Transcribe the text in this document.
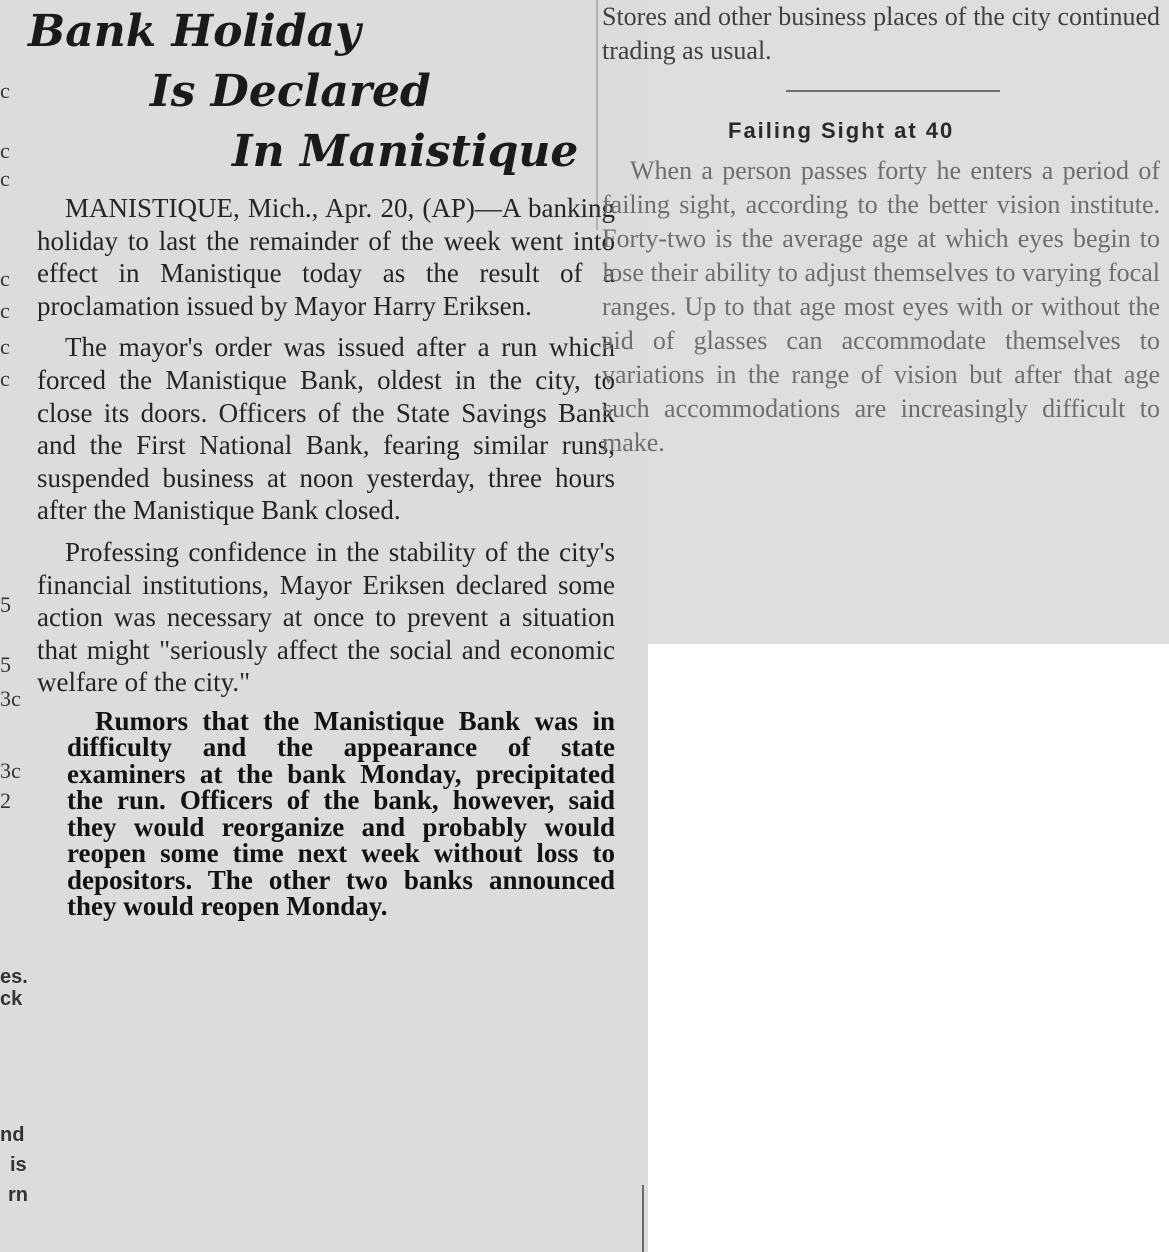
c
c
c
c
c
c
c
5
5
3c
3c
2
es.
ck
nd
is
rn
Bank Holiday
Is Declared
In Manistique

MANISTIQUE, Mich., Apr. 20, (AP)—A banking holiday to last the remainder of the week went into effect in Manistique today as the result of a proclamation issued by Mayor Harry Eriksen.

The mayor's order was issued after a run which forced the Manistique Bank, oldest in the city, to close its doors. Officers of the State Savings Bank and the First National Bank, fearing similar runs, suspended business at noon yesterday, three hours after the Manistique Bank closed.

Professing confidence in the stability of the city's financial institutions, Mayor Eriksen declared some action was necessary at once to prevent a situation that might "seriously affect the social and economic welfare of the city."

Rumors that the Manistique Bank was in difficulty and the appearance of state examiners at the bank Monday, precipitated the run. Officers of the bank, however, said they would reorganize and probably would reopen some time next week without loss to depositors. The other two banks announced they would reopen Monday.

Stores and other business places of the city continued trading as usual.

Failing Sight at 40

When a person passes forty he enters a period of failing sight, according to the better vision institute. Forty-two is the average age at which eyes begin to lose their ability to adjust themselves to varying focal ranges. Up to that age most eyes with or without the aid of glasses can accommodate themselves to variations in the range of vision but after that age such accommodations are increasingly difficult to make.
